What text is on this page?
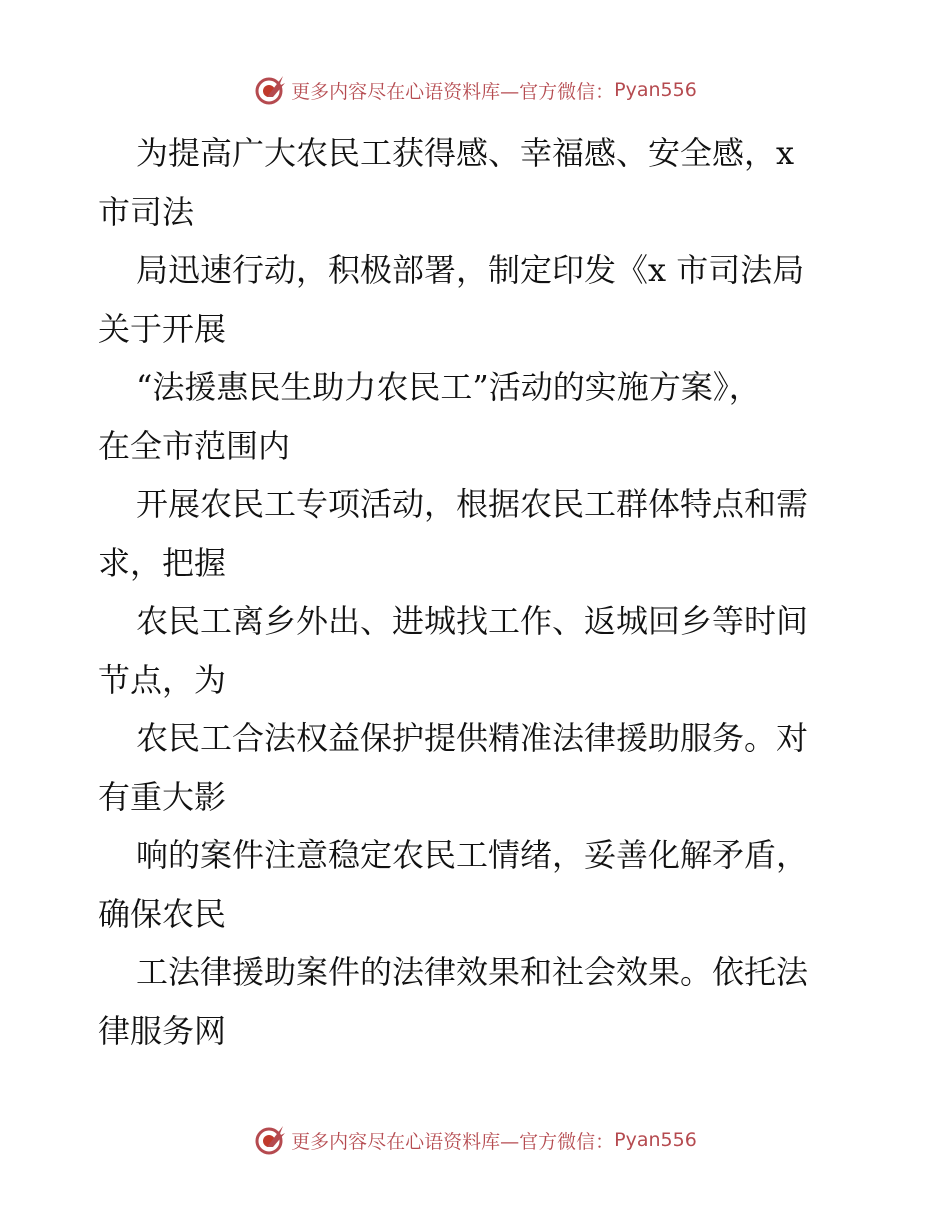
更多内容尽在心语资料库—官方微信： Pyan556
为提高广大农民工获得感、幸福感、安全感，x
市司法
局迅速行动，积极部署，制定印发《x 市司法局
关于开展
“法援惠民生助力农民工”活动的实施方案》，
在全市范围内
开展农民工专项活动，根据农民工群体特点和需
求，把握
农民工离乡外出、进城找工作、返城回乡等时间
节点，为
农民工合法权益保护提供精准法律援助服务。对
有重大影
响的案件注意稳定农民工情绪，妥善化解矛盾，
确保农民
工法律援助案件的法律效果和社会效果。依托法
律服务网
更多内容尽在心语资料库—官方微信： Pyan556
